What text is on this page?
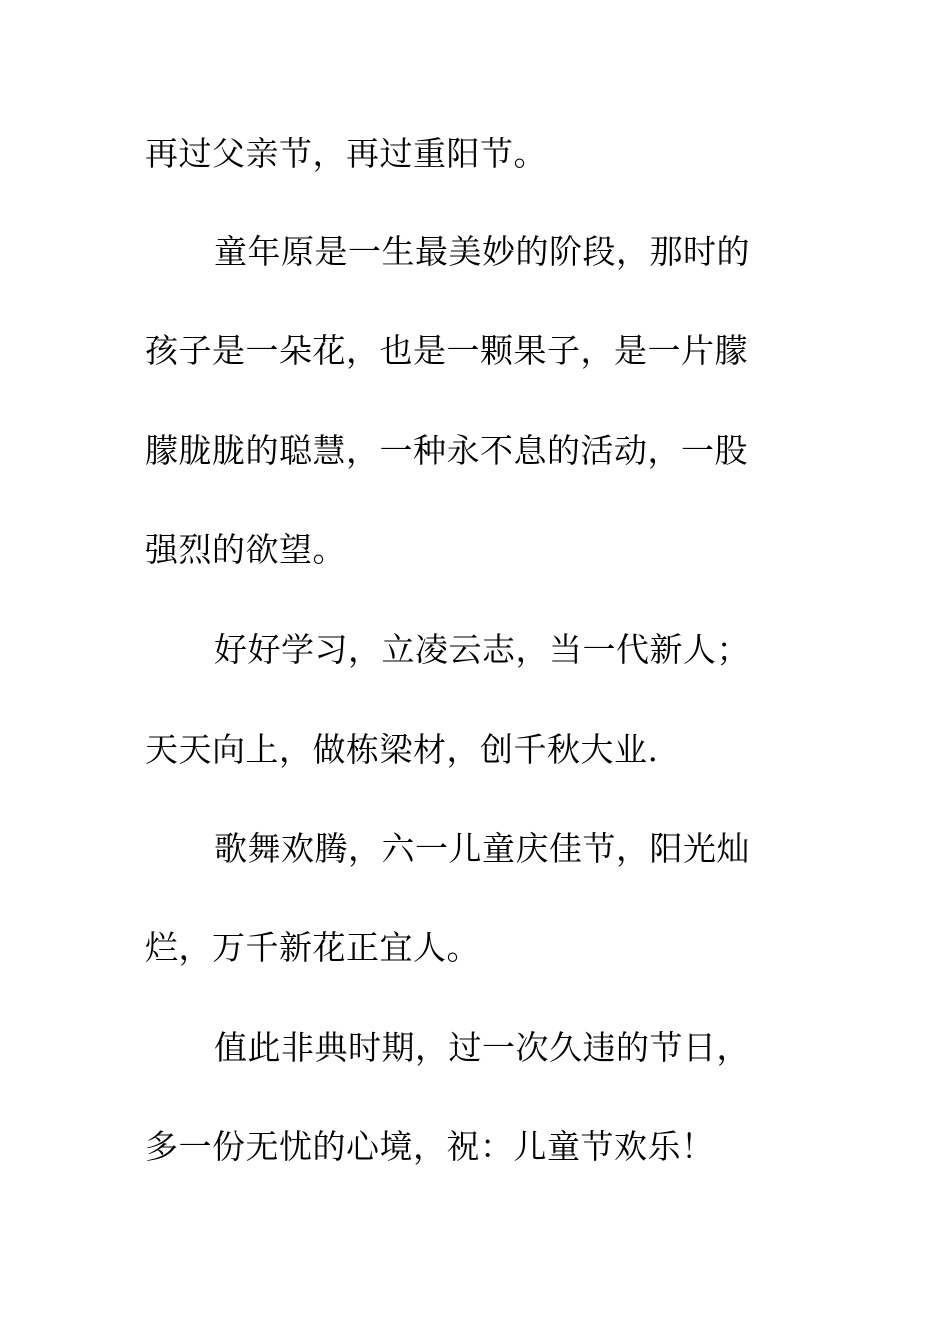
再过父亲节，再过重阳节。
童年原是一生最美妙的阶段，那时的
孩子是一朵花，也是一颗果子，是一片朦
朦胧胧的聪慧，一种永不息的活动，一股
强烈的欲望。
好好学习，立凌云志，当一代新人；
天天向上，做栋梁材，创千秋大业.
歌舞欢腾，六一儿童庆佳节，阳光灿
烂，万千新花正宜人。
值此非典时期，过一次久违的节日，
多一份无忧的心境，祝：儿童节欢乐！
